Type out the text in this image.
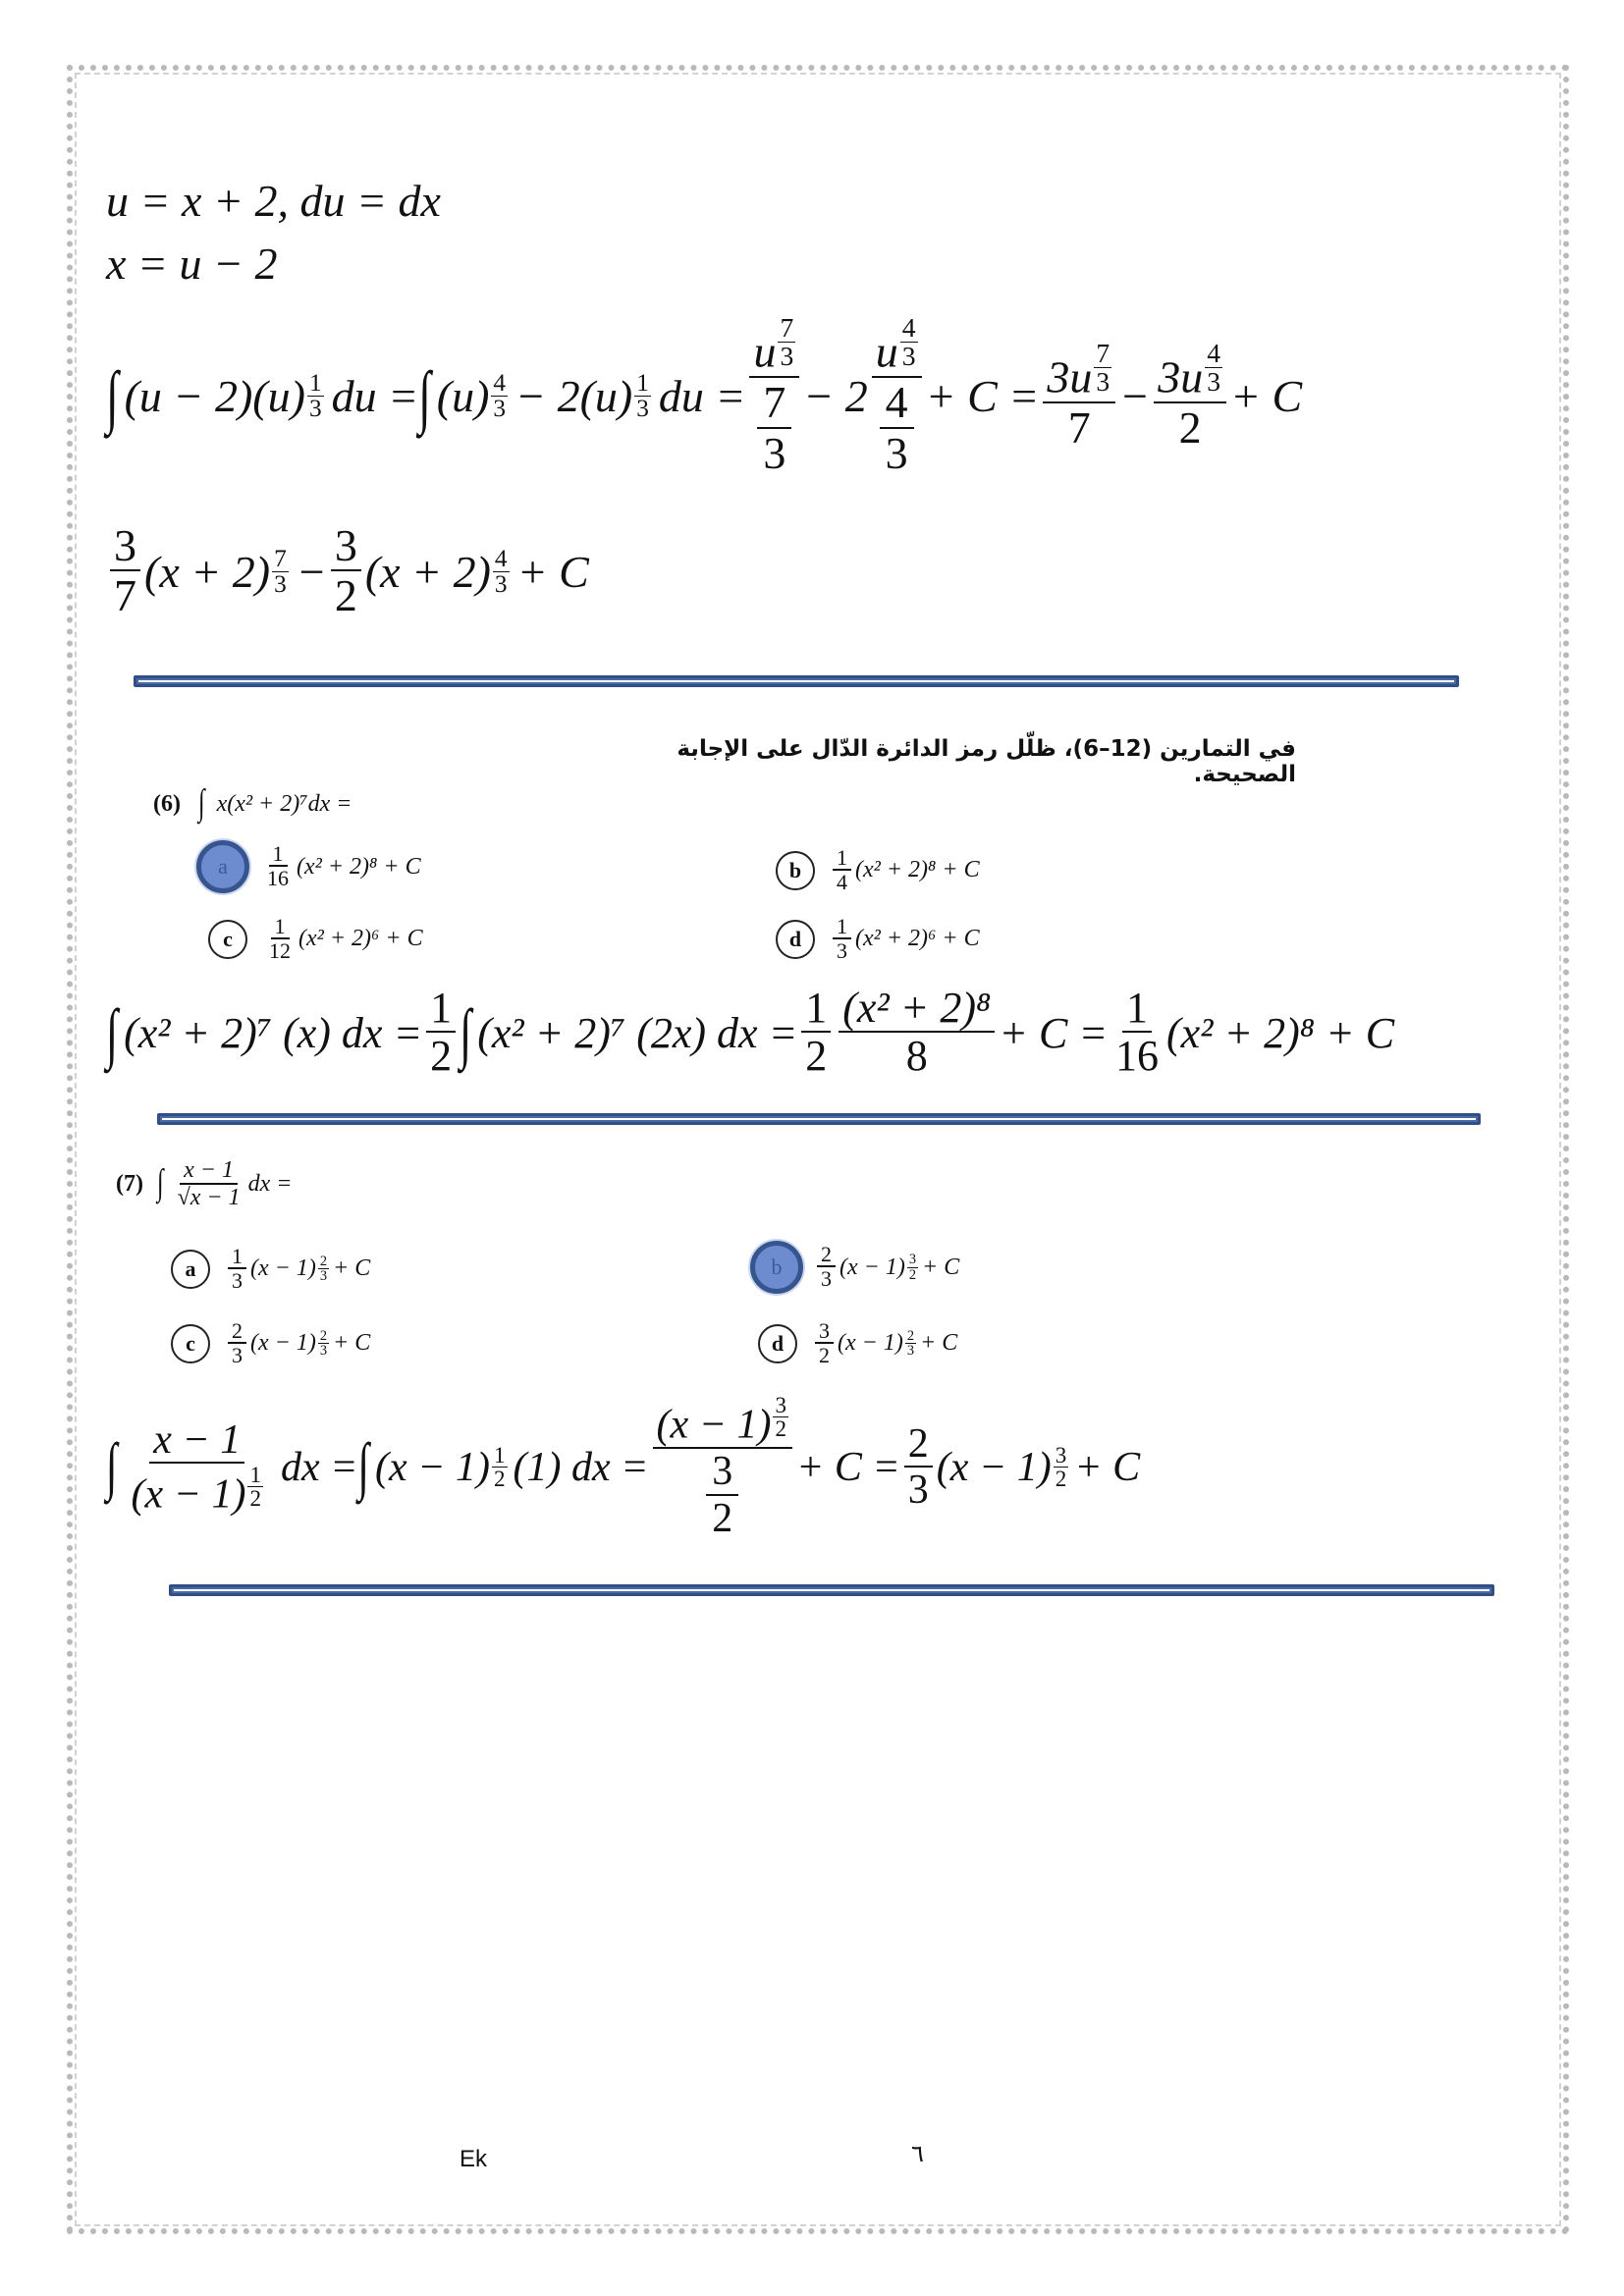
u = x + 2, du = dx
x = u − 2
∫ $(u - 2)(u) \frac{1}{3}$ du = ∫ $(u) \frac{4}{3} - 2(u) \frac{1}{3}$ du = u $\frac{7}{3}$
7
3 − 2 u $\frac{4}{3}$
4
$3 + C = \frac{3u \frac{7}{3}}{7} - \frac{3u \frac{4}{3}}{2} + C$
$\frac{3}{7} (x + 2) \frac{7}{3} - \frac{3}{2} (x + 2) \frac{4}{3} + C$
في التمارين (12–6)، ظلّل رمز الدائرة الدّال على الإجابة الصحيحة.
(6) ∫ x(x² + 2)⁷dx =
a	$\frac{1}{16} (x^2 + 2)^8 + C$	b	$\frac{1}{4} (x^2 + 2)^8 + C$
c	$\frac{1}{12} (x^2 + 2)^6 + C$	d	$\frac{1}{3} (x^2 + 2)^6 + C$
∫ (x² + 2)⁷ (x) dx = $\frac{1}{2}$ ∫ (x² + 2)⁷ (2x) dx = $\frac{1}{2} \frac{\text{(x² + 2)⁸}}{8} + C = \frac{1}{16} (x^2 + 2)^8 + C$
(7) ∫ $\frac{x - 1}{√x - 1}$ dx =
a	$\frac{1}{3} (x - 1) \frac{2}{3} + C$	b	$\frac{2}{3} (x - 1) \frac{3}{2} + C$
c	$\frac{2}{3} (x - 1) \frac{2}{3} + C$	d	$\frac{3}{2} (x - 1) \frac{2}{3} + C$
∫ $\frac{x - 1}{(x - 1) \frac{1}{2}}$ dx = ∫ $(x - 1) \frac{1}{2} (1)$ dx = $(x - 1) \frac{3}{2}$
3
$2 + C = \frac{2}{3} (x - 1) \frac{3}{2} + C$
Ek	٦
